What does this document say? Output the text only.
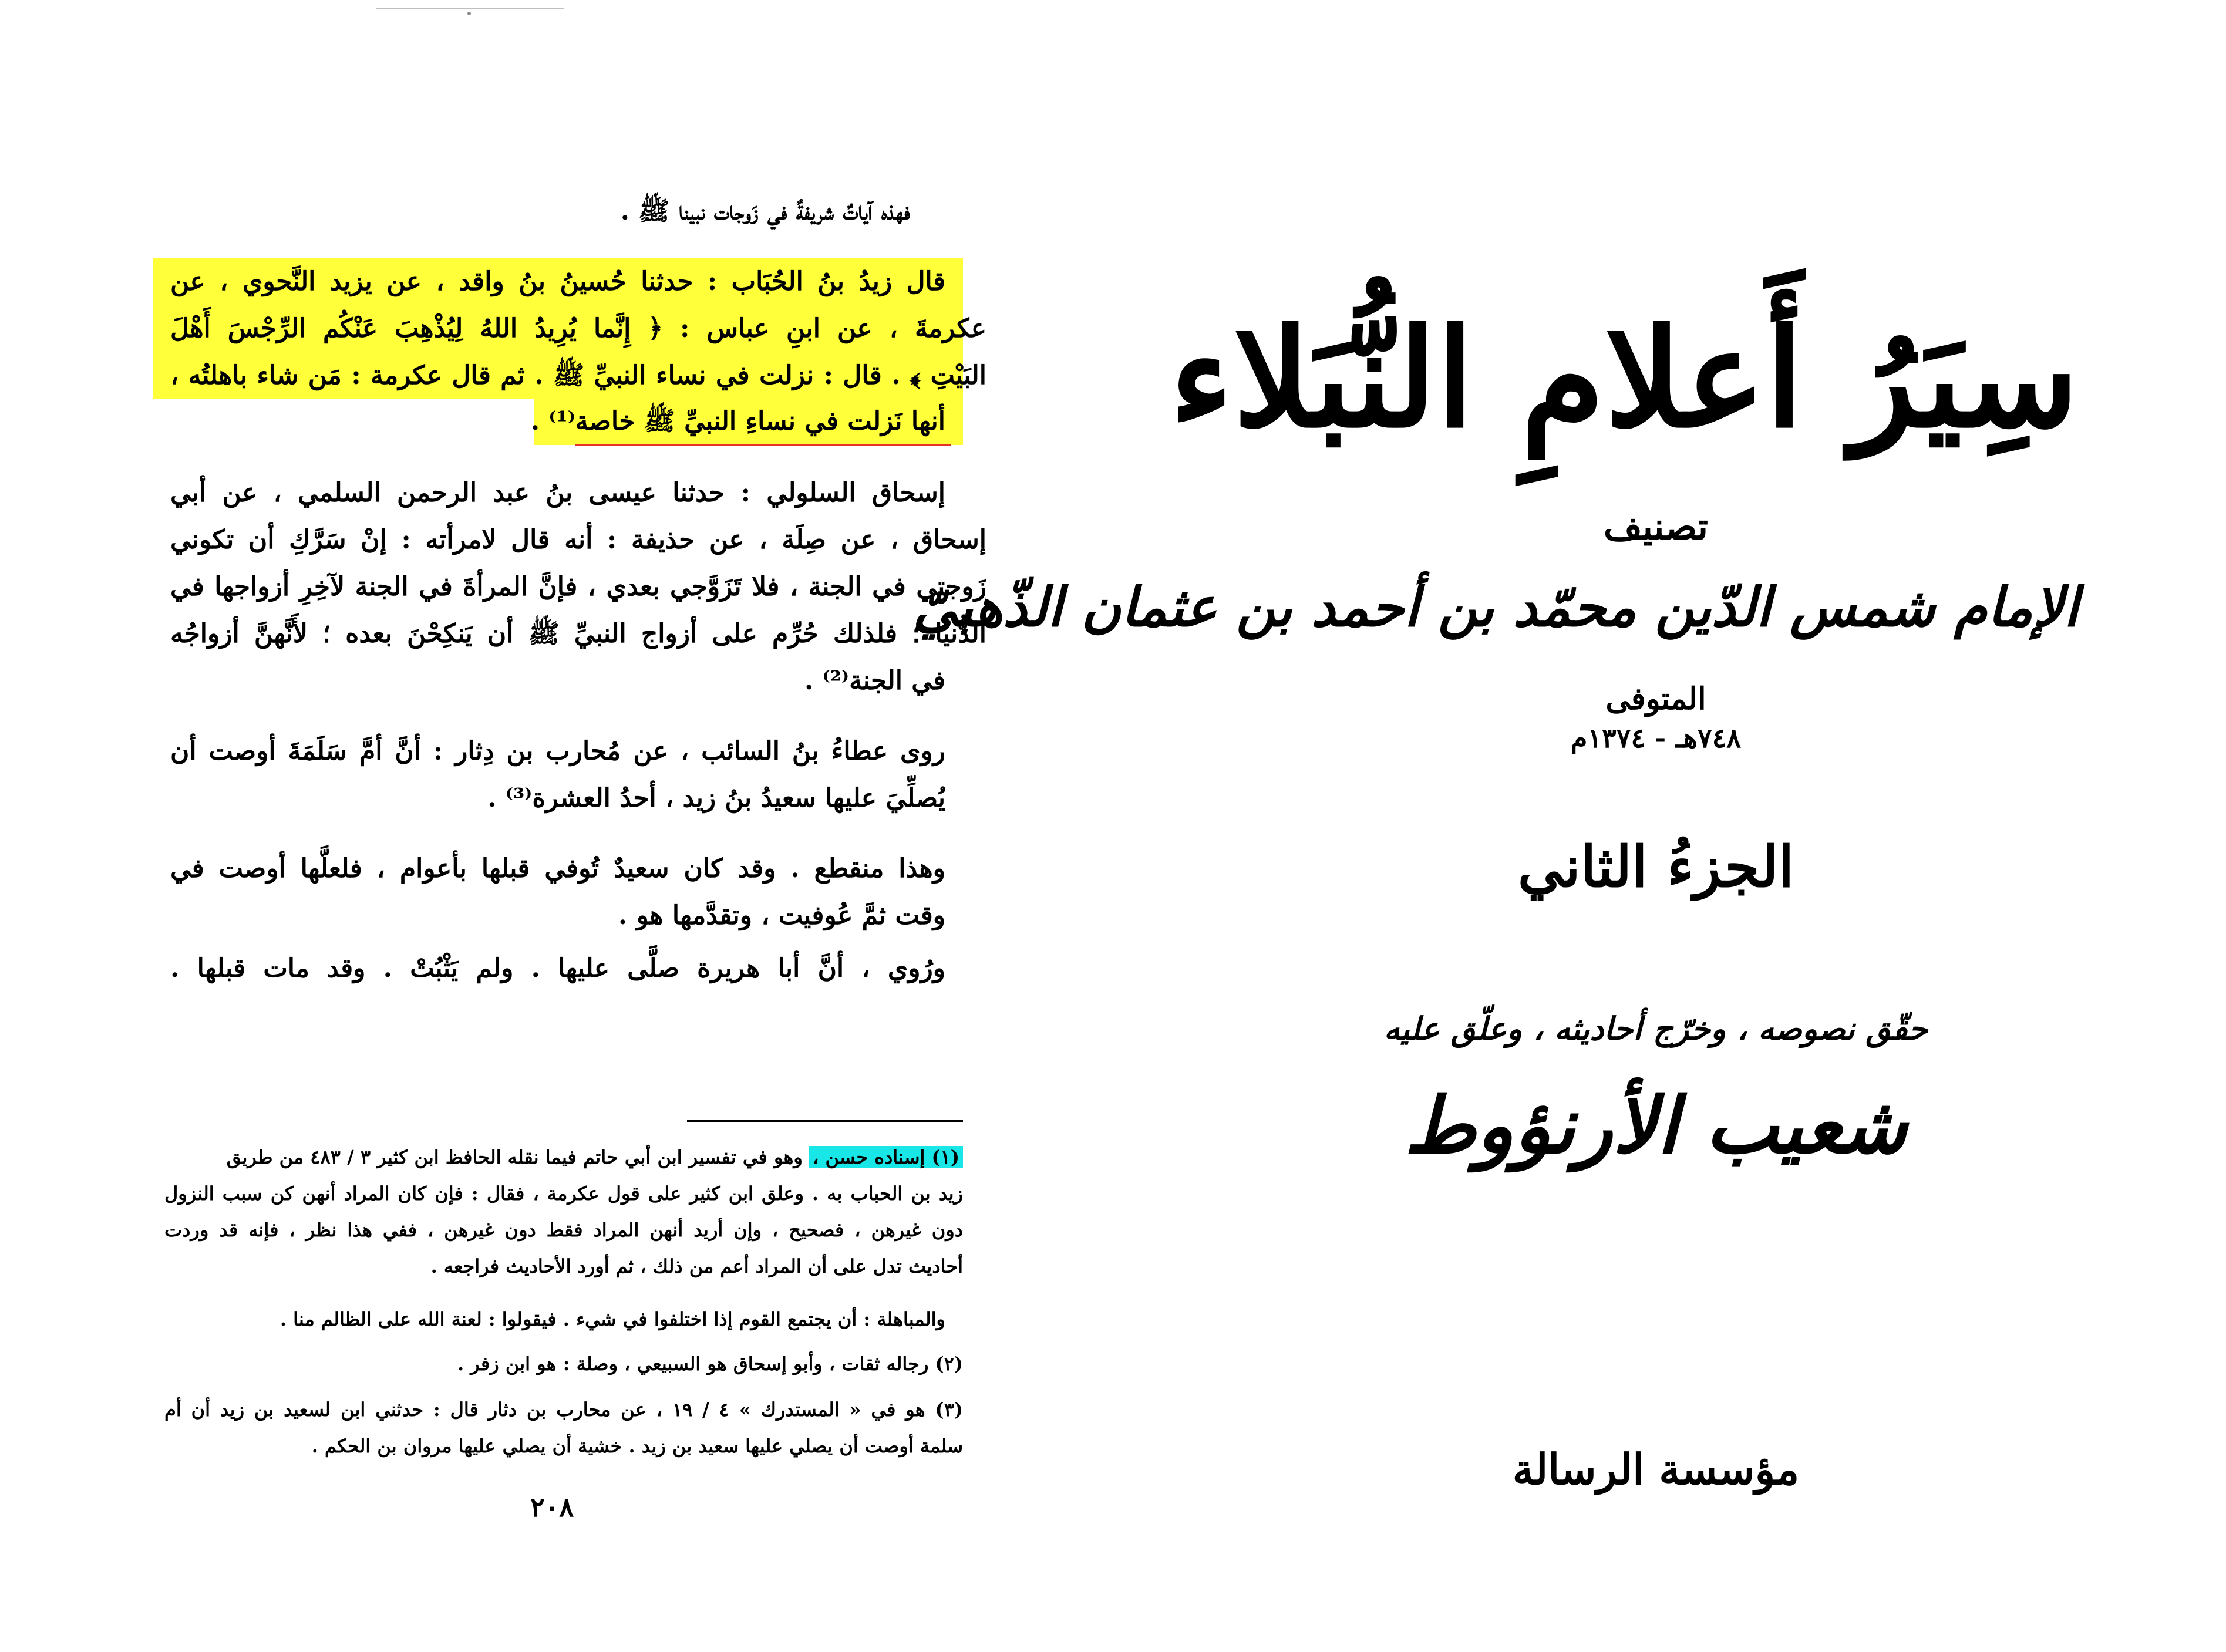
فهذه آياتٌ شريفةٌ في زَوجات نبينا ﷺ .
قال زيدُ بنُ الحُبَاب : حدثنا حُسينُ بنُ واقد ، عن يزيد النَّحوي ، عن
عكرمةَ ، عن ابنِ عباس : ﴿ إِنَّما يُرِيدُ اللهُ لِيُذْهِبَ عَنْكُم الرِّجْسَ أَهْلَ
البَيْتِ ﴾ . قال : نزلت في نساء النبيِّ ﷺ . ثم قال عكرمة : مَن شاء باهلتُه ،
أنها نَزلت في نساءِ النبيِّ ﷺ خاصة⁽¹⁾ .
إسحاق السلولي : حدثنا عيسى بنُ عبد الرحمن السلمي ، عن أبي
إسحاق ، عن صِلَة ، عن حذيفة : أنه قال لامرأته : إنْ سَرَّكِ أن تكوني
زَوجتي في الجنة ، فلا تَزَوَّجي بعدي ، فإنَّ المرأةَ في الجنة لآخِرِ أزواجها في
الدُّنيا ؛ فلذلك حُرِّم على أزواج النبيِّ ﷺ أن يَنكِحْنَ بعده ؛ لأَنَّهنَّ أزواجُه
في الجنة⁽²⁾ .
روى عطاءُ بنُ السائب ، عن مُحارب بن دِثار : أنَّ أمَّ سَلَمَةَ أوصت أن
يُصلِّيَ عليها سعيدُ بنُ زيد ، أحدُ العشرة⁽³⁾ .
وهذا منقطع . وقد كان سعيدٌ تُوفي قبلها بأعوام ، فلعلَّها أوصت في
وقت ثمَّ عُوفيت ، وتقدَّمها هو .
ورُوي ، أنَّ أبا هريرة صلَّى عليها . ولم يَثْبُتْ . وقد مات قبلها .
(١) إسناده حسن ، وهو في تفسير ابن أبي حاتم فيما نقله الحافظ ابن كثير ٣ / ٤٨٣ من طريق
زيد بن الحباب به . وعلق ابن كثير على قول عكرمة ، فقال : فإن كان المراد أنهن كن سبب النزول
دون غيرهن ، فصحيح ، وإن أريد أنهن المراد فقط دون غيرهن ، ففي هذا نظر ، فإنه قد وردت
أحاديث تدل على أن المراد أعم من ذلك ، ثم أورد الأحاديث فراجعه .
والمباهلة : أن يجتمع القوم إذا اختلفوا في شيء . فيقولوا : لعنة الله على الظالم منا .
(٢) رجاله ثقات ، وأبو إسحاق هو السبيعي ، وصلة : هو ابن زفر .
(٣) هو في « المستدرك » ٤ / ١٩ ، عن محارب بن دثار قال : حدثني ابن لسعيد بن زيد أن أم
سلمة أوصت أن يصلي عليها سعيد بن زيد . خشية أن يصلي عليها مروان بن الحكم .
٢٠٨
سِيَرُ أَعلامِ النُّبَلاء
تصنيف
الإمام شمس الدّين محمّد بن أحمد بن عثمان الذّهبيّ
المتوفى
٧٤٨هـ - ١٣٧٤م
الجزءُ الثاني
حقّق نصوصه ، وخرّج أحاديثه ، وعلّق عليه
شعيب الأرنؤوط
مؤسسة الرسالة
